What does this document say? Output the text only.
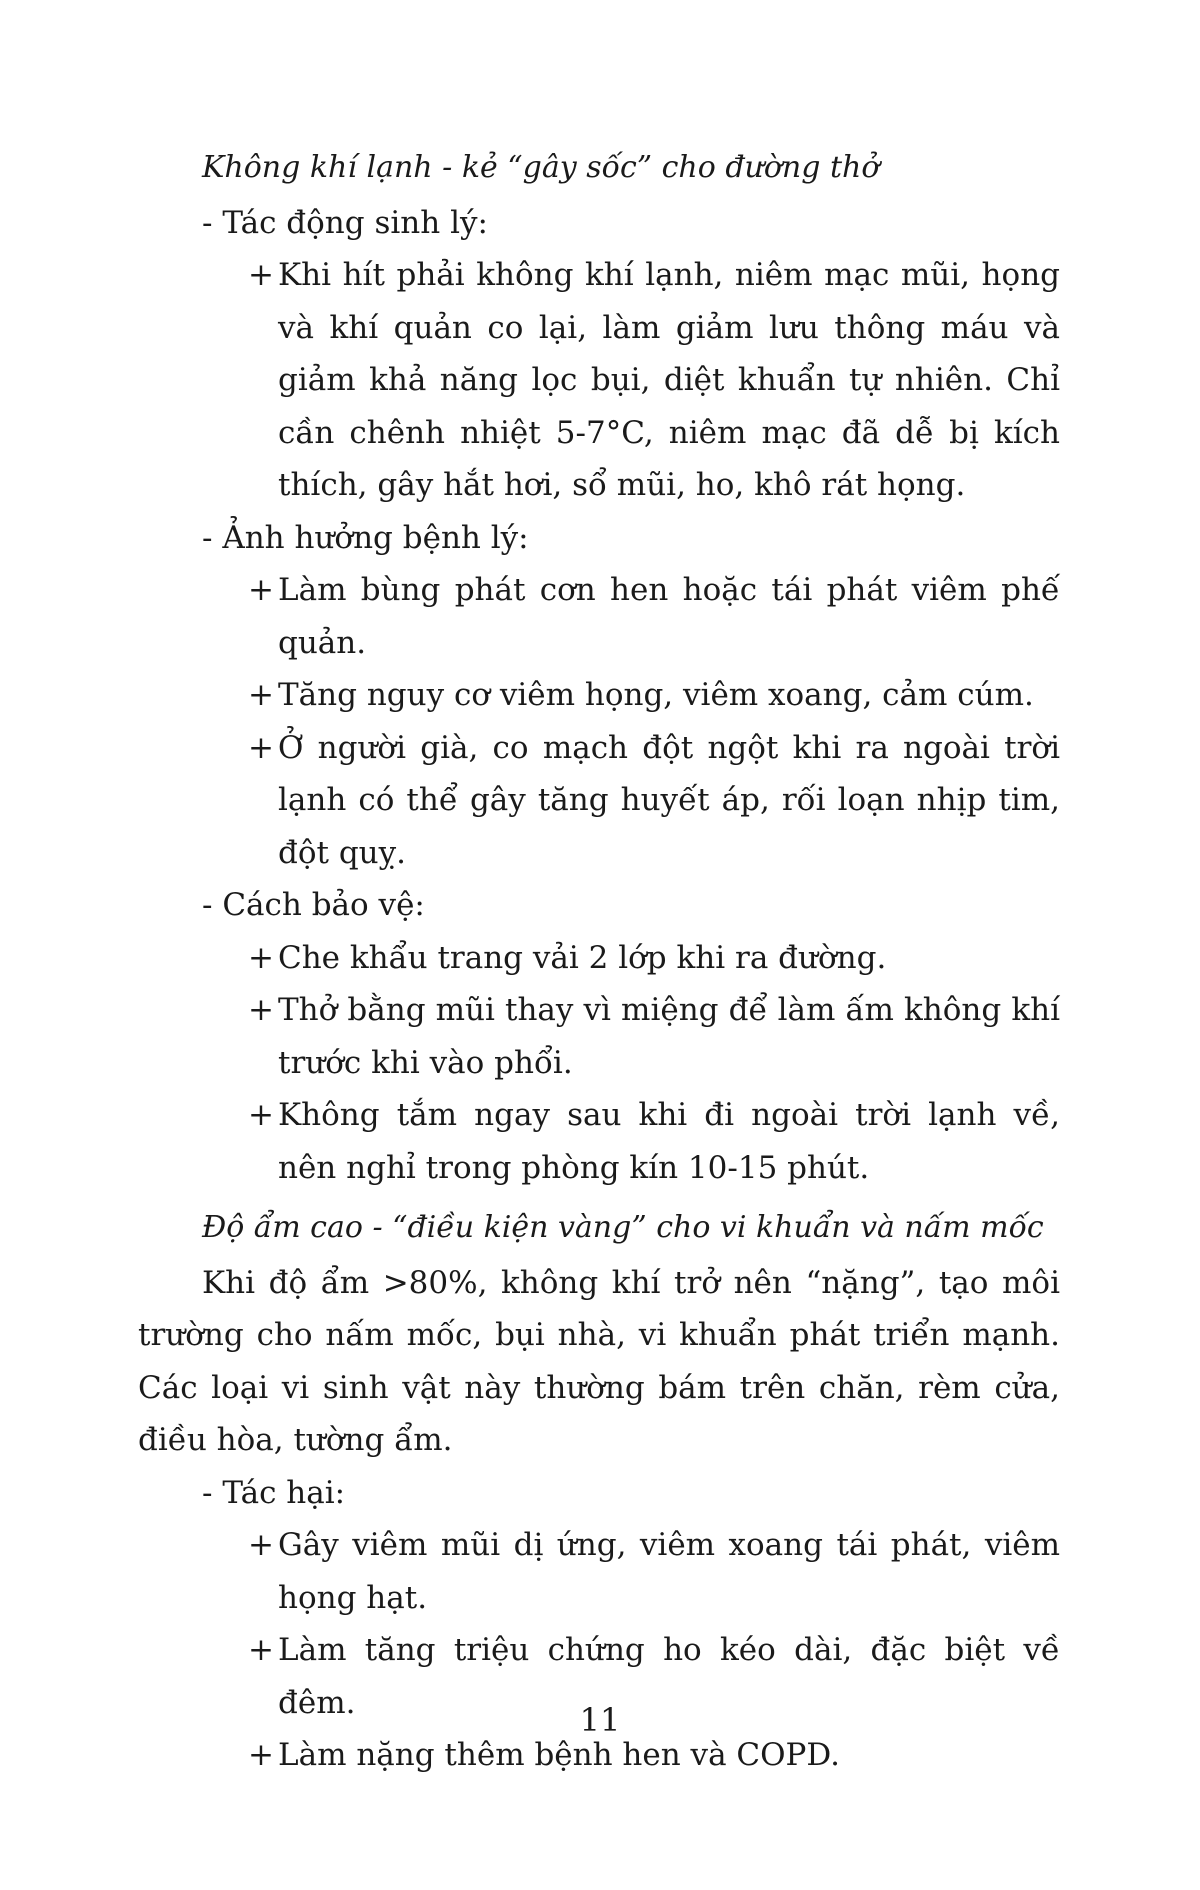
Không khí lạnh - kẻ “gây sốc” cho đường thở
- Tác động sinh lý:
+ Khi hít phải không khí lạnh, niêm mạc mũi, họng và khí quản co lại, làm giảm lưu thông máu và giảm khả năng lọc bụi, diệt khuẩn tự nhiên. Chỉ cần chênh nhiệt 5-7°C, niêm mạc đã dễ bị kích thích, gây hắt hơi, sổ mũi, ho, khô rát họng.
- Ảnh hưởng bệnh lý:
+ Làm bùng phát cơn hen hoặc tái phát viêm phế quản.
+ Tăng nguy cơ viêm họng, viêm xoang, cảm cúm.
+ Ở người già, co mạch đột ngột khi ra ngoài trời lạnh có thể gây tăng huyết áp, rối loạn nhịp tim, đột quỵ.
- Cách bảo vệ:
+ Che khẩu trang vải 2 lớp khi ra đường.
+ Thở bằng mũi thay vì miệng để làm ấm không khí trước khi vào phổi.
+ Không tắm ngay sau khi đi ngoài trời lạnh về, nên nghỉ trong phòng kín 10-15 phút.
Độ ẩm cao - “điều kiện vàng” cho vi khuẩn và nấm mốc
Khi độ ẩm >80%, không khí trở nên “nặng”, tạo môi trường cho nấm mốc, bụi nhà, vi khuẩn phát triển mạnh. Các loại vi sinh vật này thường bám trên chăn, rèm cửa, điều hòa, tường ẩm.
- Tác hại:
+ Gây viêm mũi dị ứng, viêm xoang tái phát, viêm họng hạt.
+ Làm tăng triệu chứng ho kéo dài, đặc biệt về đêm.
+ Làm nặng thêm bệnh hen và COPD.
11
